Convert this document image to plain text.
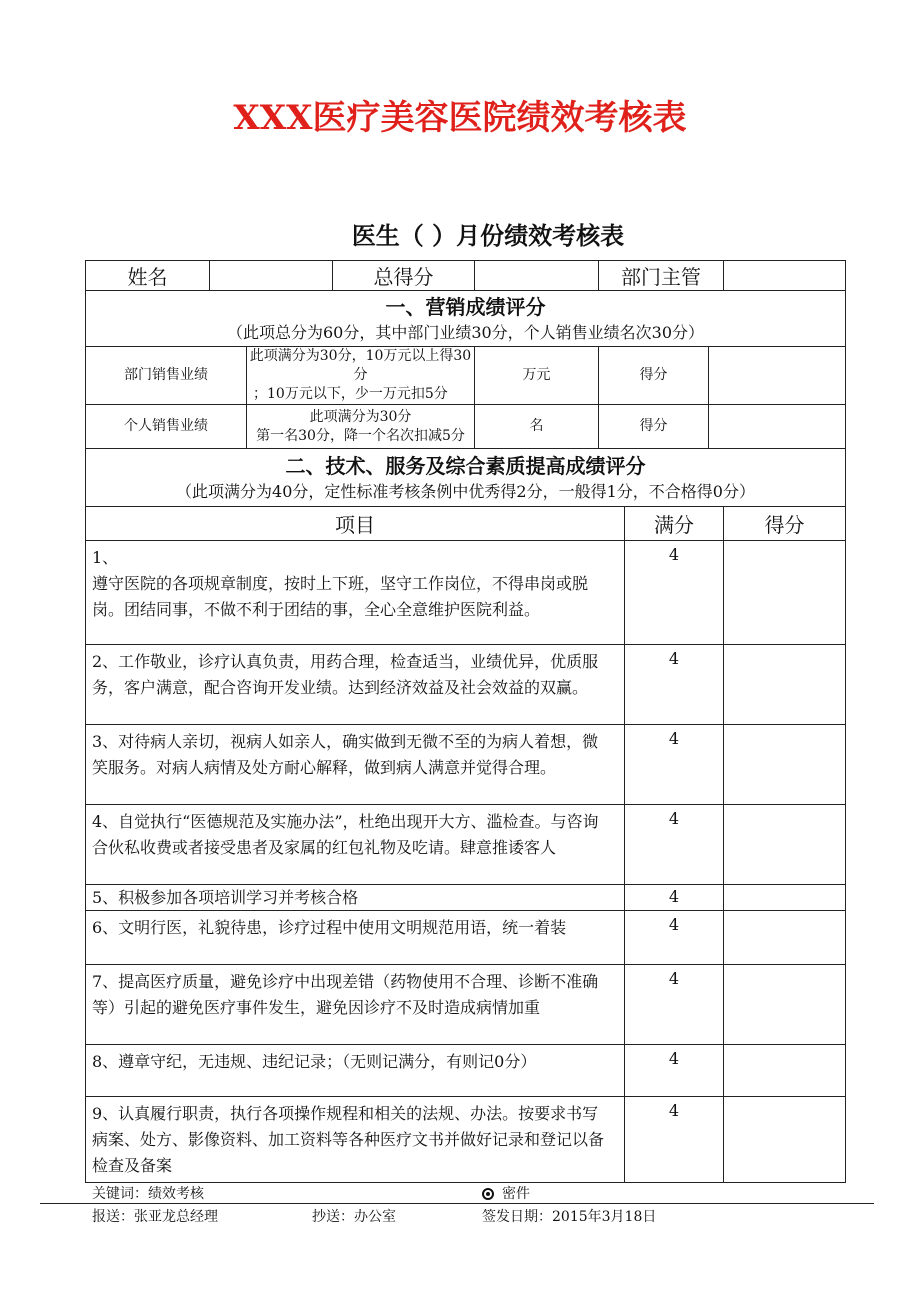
XXX医疗美容医院绩效考核表
医生（ ）月份绩效考核表
姓名			总得分		部门主管			

一、营销成绩评分
（此项总分为60分，其中部门业绩30分，个人销售业绩名次30分）								

部门销售业绩		此项满分为30分，10万元以上得30分
；10万元以下，少一万元扣5分		万元	得分			
个人销售业绩		此项满分为30分
第一名30分，降一个名次扣减5分		名	得分			

二、技术、服务及综合素质提高成绩评分
（此项满分为40分，定性标准考核条例中优秀得2分，一般得1分，不合格得0分）								

项目						满分		得分
1、
遵守医院的各项规章制度，按时上下班，坚守工作岗位，不得串岗或脱岗。团结同事，不做不利于团结的事，全心全意维护医院利益。						4		
2、工作敬业，诊疗认真负责，用药合理，检查适当，业绩优异，优质服务，客户满意，配合咨询开发业绩。达到经济效益及社会效益的双赢。						4		
3、对待病人亲切，视病人如亲人，确实做到无微不至的为病人着想，微笑服务。对病人病情及处方耐心解释，做到病人满意并觉得合理。						4		
4、自觉执行“医德规范及实施办法”，杜绝出现开大方、滥检查。与咨询合伙私收费或者接受患者及家属的红包礼物及吃请。肆意推诿客人						4		
5、积极参加各项培训学习并考核合格						4		
6、文明行医，礼貌待患，诊疗过程中使用文明规范用语，统一着装						4		
7、提高医疗质量，避免诊疗中出现差错（药物使用不合理、诊断不准确等）引起的避免医疗事件发生，避免因诊疗不及时造成病情加重						4		
8、遵章守纪，无违规、违纪记录；（无则记满分，有则记0分）						4		
9、认真履行职责，执行各项操作规程和相关的法规、办法。按要求书写病案、处方、影像资料、加工资料等各种医疗文书并做好记录和登记以备检查及备案						4		
关键词：绩效考核	密件
报送：张亚龙总经理	抄送：办公室	签发日期：2015年3月18日
